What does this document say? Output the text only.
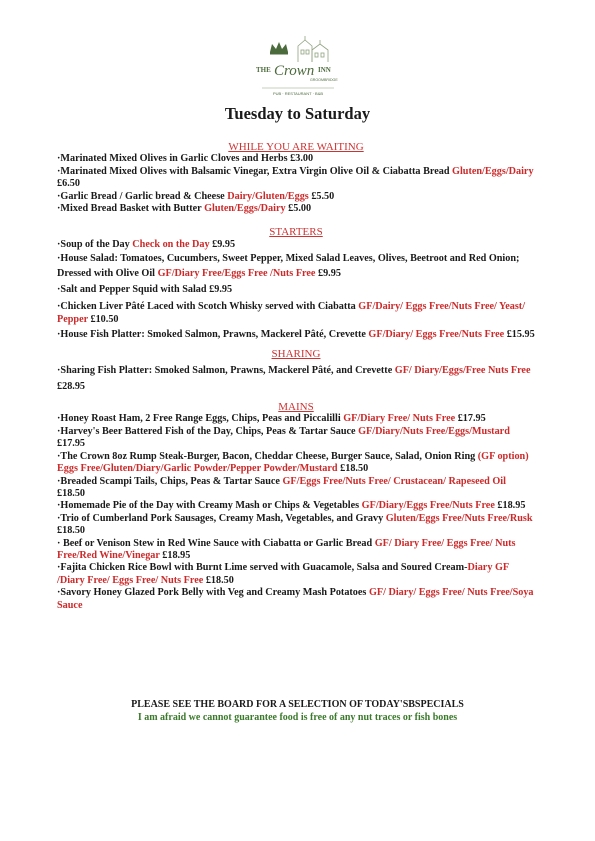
THE Crown INN
GROOMBRIDGE
PUB · RESTAURANT · B&B
Tuesday to Saturday

WHILE YOU ARE WAITING

·Marinated Mixed Olives in Garlic Cloves and Herbs £3.00

·Marinated Mixed Olives with Balsamic Vinegar, Extra Virgin Olive Oil & Ciabatta Bread Gluten/Eggs/Dairy £6.50

·Garlic Bread / Garlic bread & Cheese Dairy/Gluten/Eggs £5.50

·Mixed Bread Basket with Butter Gluten/Eggs/Dairy £5.00

STARTERS

·Soup of the Day Check on the Day £9.95

·House Salad: Tomatoes, Cucumbers, Sweet Pepper, Mixed Salad Leaves, Olives, Beetroot and Red Onion; Dressed with Olive Oil GF/Diary Free/Eggs Free /Nuts Free £9.95

·Salt and Pepper Squid with Salad £9.95

·Chicken Liver Pâté Laced with Scotch Whisky served with Ciabatta GF/Dairy/ Eggs Free/Nuts Free/ Yeast/ Pepper £10.50

·House Fish Platter: Smoked Salmon, Prawns, Mackerel Pâté, Crevette GF/Diary/ Eggs Free/Nuts Free £15.95

SHARING

·Sharing Fish Platter: Smoked Salmon, Prawns, Mackerel Pâté, and Crevette GF/ Diary/Eggs/Free Nuts Free £28.95

MAINS

·Honey Roast Ham, 2 Free Range Eggs, Chips, Peas and Piccalilli GF/Diary Free/ Nuts Free £17.95

·Harvey's Beer Battered Fish of the Day, Chips, Peas & Tartar Sauce GF/Diary/Nuts Free/Eggs/Mustard £17.95

·The Crown 8oz Rump Steak-Burger, Bacon, Cheddar Cheese, Burger Sauce, Salad, Onion Ring (GF option) Eggs Free/Gluten/Diary/Garlic Powder/Pepper Powder/Mustard £18.50

·Breaded Scampi Tails, Chips, Peas & Tartar Sauce GF/Eggs Free/Nuts Free/ Crustacean/ Rapeseed Oil £18.50

·Homemade Pie of the Day with Creamy Mash or Chips & Vegetables GF/Diary/Eggs Free/Nuts Free £18.95

·Trio of Cumberland Pork Sausages, Creamy Mash, Vegetables, and Gravy Gluten/Eggs Free/Nuts Free/Rusk £18.50

· Beef or Venison Stew in Red Wine Sauce with Ciabatta or Garlic Bread GF/ Diary Free/ Eggs Free/ Nuts Free/Red Wine/Vinegar £18.95

·Fajita Chicken Rice Bowl with Burnt Lime served with Guacamole, Salsa and Soured Cream-Diary GF /Diary Free/ Eggs Free/ Nuts Free £18.50

·Savory Honey Glazed Pork Belly with Veg and Creamy Mash Potatoes GF/ Diary/ Eggs Free/ Nuts Free/Soya Sauce

PLEASE SEE THE BOARD FOR A SELECTION OF TODAY'SBSPECIALS
I am afraid we cannot guarantee food is free of any nut traces or fish bones
